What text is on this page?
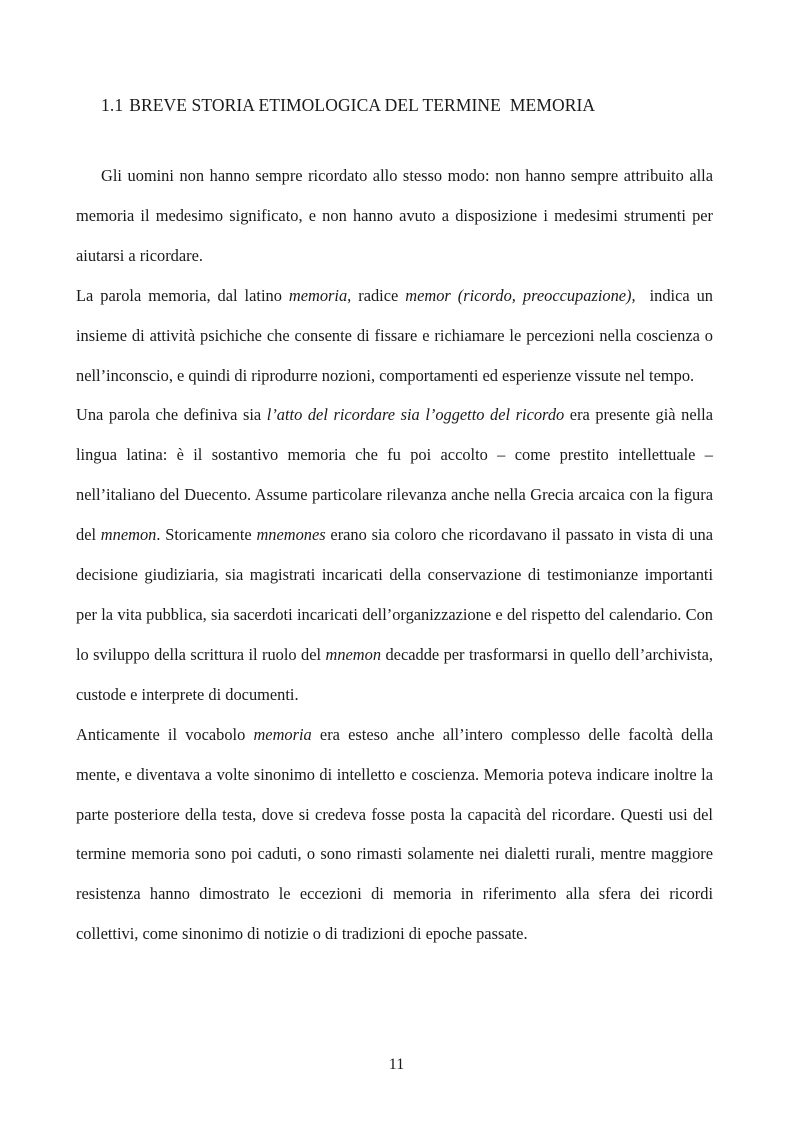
1.1 BREVE STORIA ETIMOLOGICA DEL TERMINE  MEMORIA

Gli uomini non hanno sempre ricordato allo stesso modo: non hanno sempre attribuito alla memoria il medesimo significato, e non hanno avuto a disposizione i medesimi strumenti per aiutarsi a ricordare.

La parola memoria, dal latino memoria, radice memor (ricordo, preoccupazione),  indica un insieme di attività psichiche che consente di fissare e richiamare le percezioni nella coscienza o nell’inconscio, e quindi di riprodurre nozioni, comportamenti ed esperienze vissute nel tempo.

Una parola che definiva sia l’atto del ricordare sia l’oggetto del ricordo era presente già nella lingua latina: è il sostantivo memoria che fu poi accolto – come prestito intellettuale – nell’italiano del Duecento. Assume particolare rilevanza anche nella Grecia arcaica con la figura del mnemon. Storicamente mnemones erano sia coloro che ricordavano il passato in vista di una decisione giudiziaria, sia magistrati incaricati della conservazione di testimonianze importanti per la vita pubblica, sia sacerdoti incaricati dell’organizzazione e del rispetto del calendario. Con lo sviluppo della scrittura il ruolo del mnemon decadde per trasformarsi in quello dell’archivista, custode e interprete di documenti.

Anticamente il vocabolo memoria era esteso anche all’intero complesso delle facoltà della mente, e diventava a volte sinonimo di intelletto e coscienza. Memoria poteva indicare inoltre la parte posteriore della testa, dove si credeva fosse posta la capacità del ricordare. Questi usi del termine memoria sono poi caduti, o sono rimasti solamente nei dialetti rurali, mentre maggiore resistenza hanno dimostrato le eccezioni di memoria in riferimento alla sfera dei ricordi collettivi, come sinonimo di notizie o di tradizioni di epoche passate.

11
